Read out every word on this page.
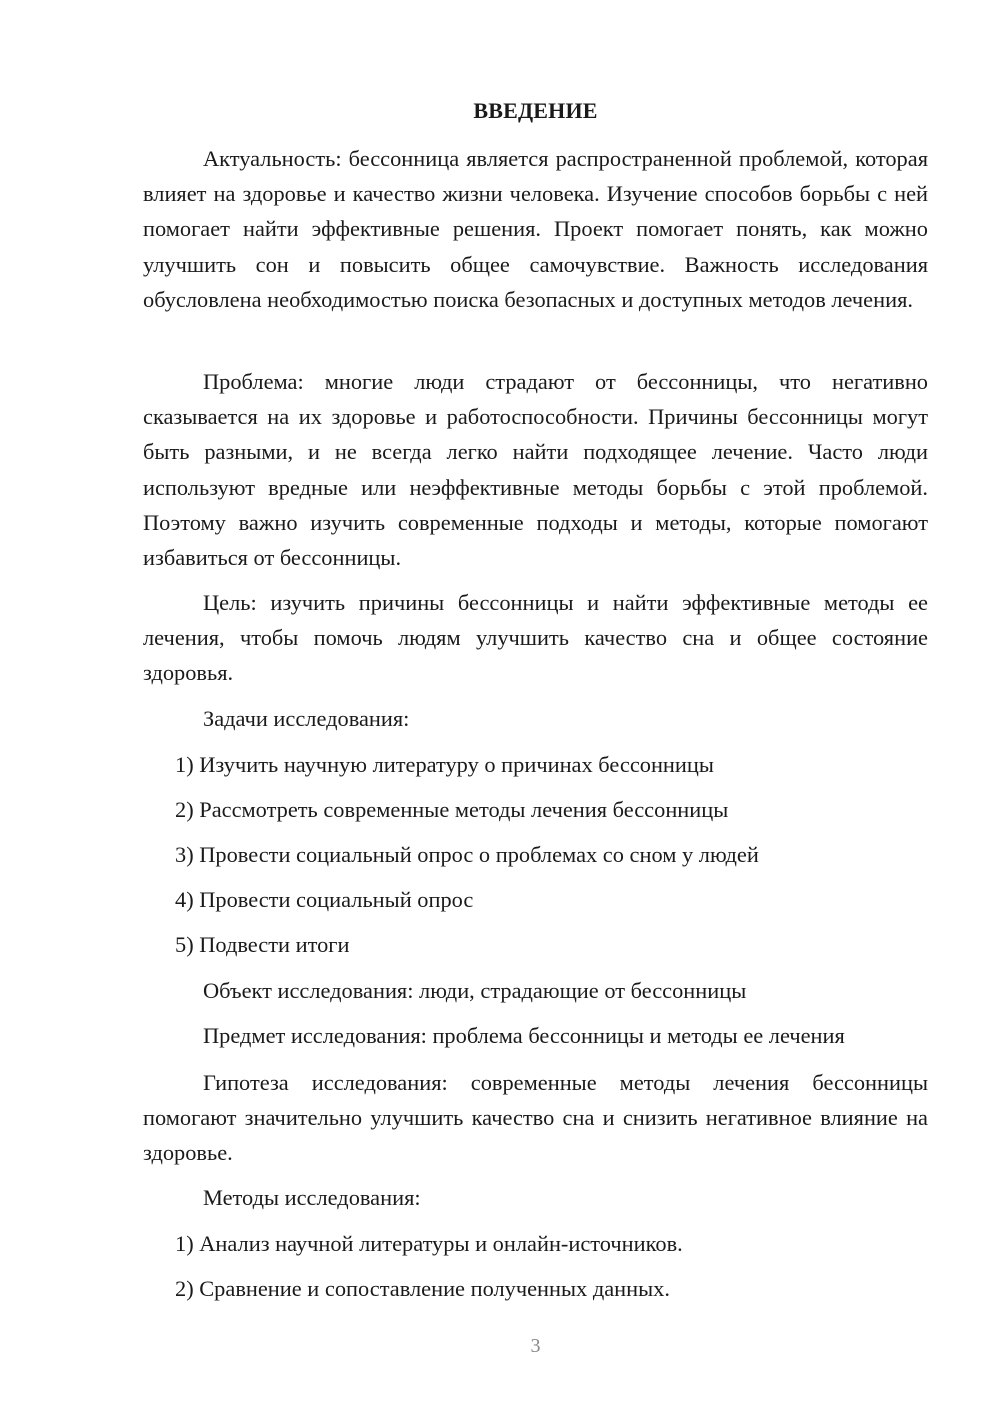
ВВЕДЕНИЕ

Актуальность: бессонница является распространенной проблемой, которая влияет на здоровье и качество жизни человека. Изучение способов борьбы с ней помогает найти эффективные решения. Проект помогает понять, как можно улучшить сон и повысить общее самочувствие. Важность исследования обусловлена необходимостью поиска безопасных и доступных методов лечения.

Проблема: многие люди страдают от бессонницы, что негативно сказывается на их здоровье и работоспособности. Причины бессонницы могут быть разными, и не всегда легко найти подходящее лечение. Часто люди используют вредные или неэффективные методы борьбы с этой проблемой. Поэтому важно изучить современные подходы и методы, которые помогают избавиться от бессонницы.

Цель: изучить причины бессонницы и найти эффективные методы ее лечения, чтобы помочь людям улучшить качество сна и общее состояние здоровья.

Задачи исследования:

1) Изучить научную литературу о причинах бессонницы

2) Рассмотреть современные методы лечения бессонницы

3) Провести социальный опрос о проблемах со сном у людей

4) Провести социальный опрос

5) Подвести итоги

Объект исследования: люди, страдающие от бессонницы

Предмет исследования: проблема бессонницы и методы ее лечения

Гипотеза исследования: современные методы лечения бессонницы помогают значительно улучшить качество сна и снизить негативное влияние на здоровье.

Методы исследования:

1) Анализ научной литературы и онлайн-источников.

2) Сравнение и сопоставление полученных данных.

3
